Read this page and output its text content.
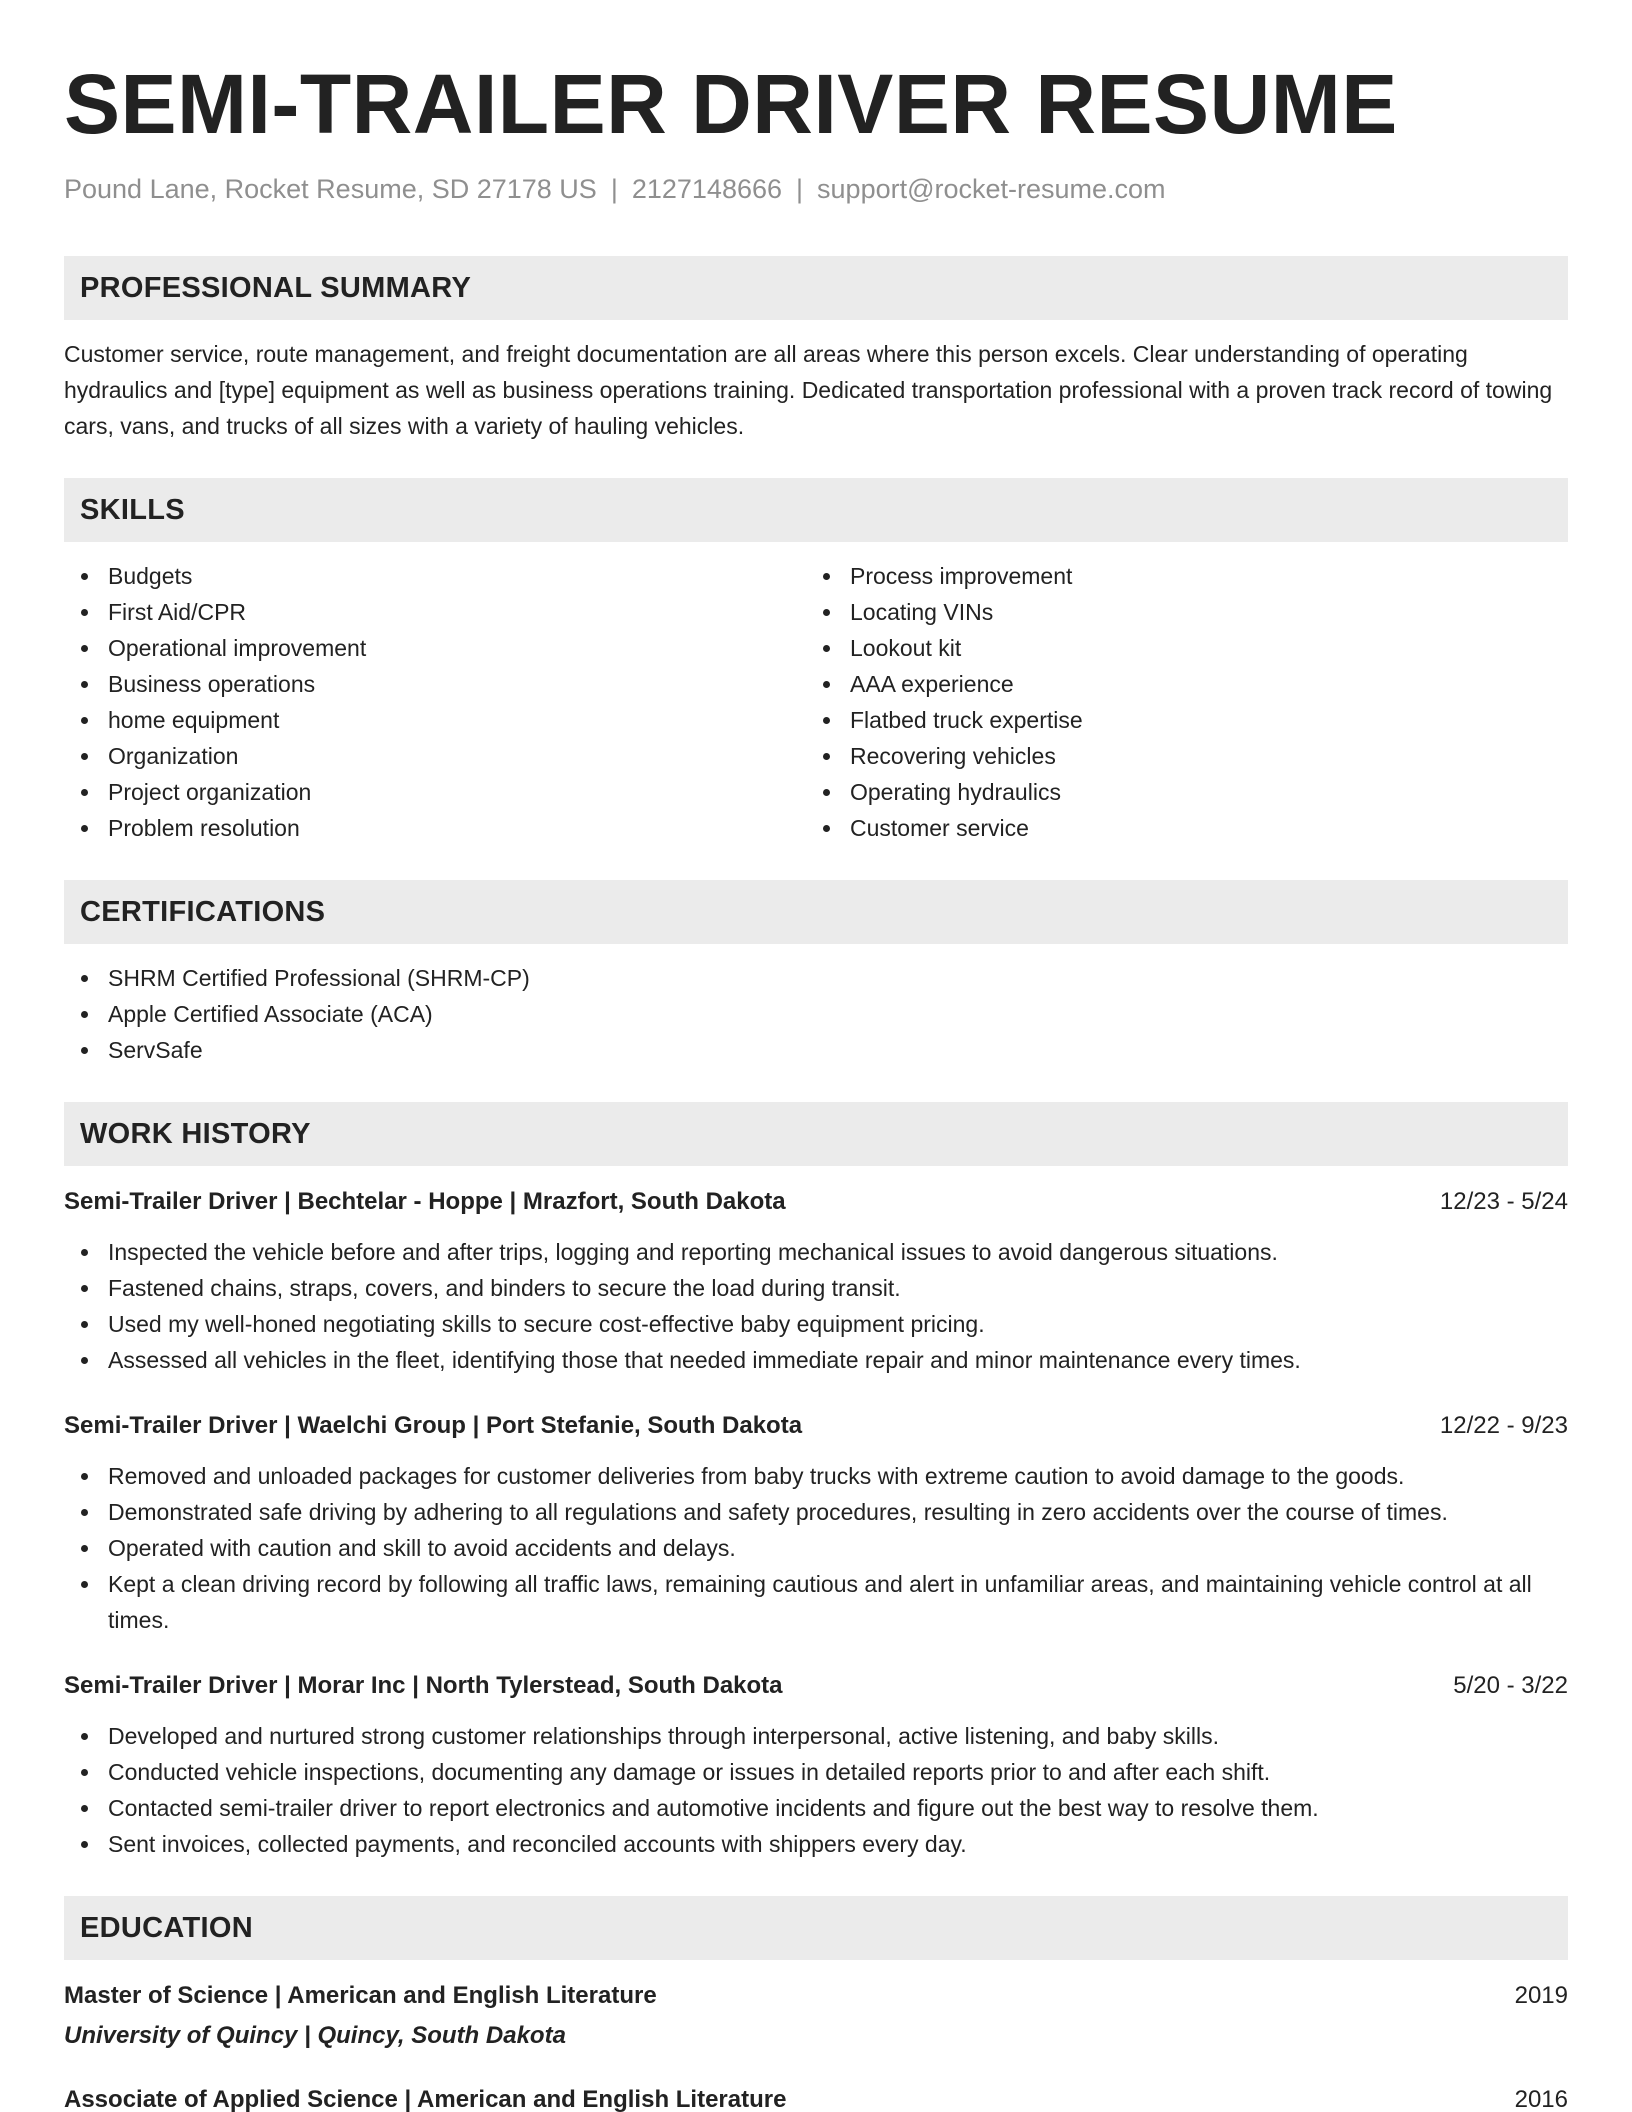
SEMI-TRAILER DRIVER RESUME
Pound Lane, Rocket Resume, SD 27178 US | 2127148666 | support@rocket-resume.com
PROFESSIONAL SUMMARY

Customer service, route management, and freight documentation are all areas where this person excels. Clear understanding of operating hydraulics and [type] equipment as well as business operations training. Dedicated transportation professional with a proven track record of towing cars, vans, and trucks of all sizes with a variety of hauling vehicles.

SKILLS
Budgets
First Aid/CPR
Operational improvement
Business operations
home equipment
Organization
Project organization
Problem resolution
Process improvement
Locating VINs
Lookout kit
AAA experience
Flatbed truck expertise
Recovering vehicles
Operating hydraulics
Customer service
CERTIFICATIONS
SHRM Certified Professional (SHRM-CP)
Apple Certified Associate (ACA)
ServSafe
WORK HISTORY
Semi-Trailer Driver | Bechtelar - Hoppe | Mrazfort, South Dakota	12/23 - 5/24
Inspected the vehicle before and after trips, logging and reporting mechanical issues to avoid dangerous situations.
Fastened chains, straps, covers, and binders to secure the load during transit.
Used my well-honed negotiating skills to secure cost-effective baby equipment pricing.
Assessed all vehicles in the fleet, identifying those that needed immediate repair and minor maintenance every times.
Semi-Trailer Driver | Waelchi Group | Port Stefanie, South Dakota	12/22 - 9/23
Removed and unloaded packages for customer deliveries from baby trucks with extreme caution to avoid damage to the goods.
Demonstrated safe driving by adhering to all regulations and safety procedures, resulting in zero accidents over the course of times.
Operated with caution and skill to avoid accidents and delays.
Kept a clean driving record by following all traffic laws, remaining cautious and alert in unfamiliar areas, and maintaining vehicle control at all times.
Semi-Trailer Driver | Morar Inc | North Tylerstead, South Dakota	5/20 - 3/22
Developed and nurtured strong customer relationships through interpersonal, active listening, and baby skills.
Conducted vehicle inspections, documenting any damage or issues in detailed reports prior to and after each shift.
Contacted semi-trailer driver to report electronics and automotive incidents and figure out the best way to resolve them.
Sent invoices, collected payments, and reconciled accounts with shippers every day.
EDUCATION
Master of Science | American and English Literature	2019
University of Quincy | Quincy, South Dakota
Associate of Applied Science | American and English Literature	2016
